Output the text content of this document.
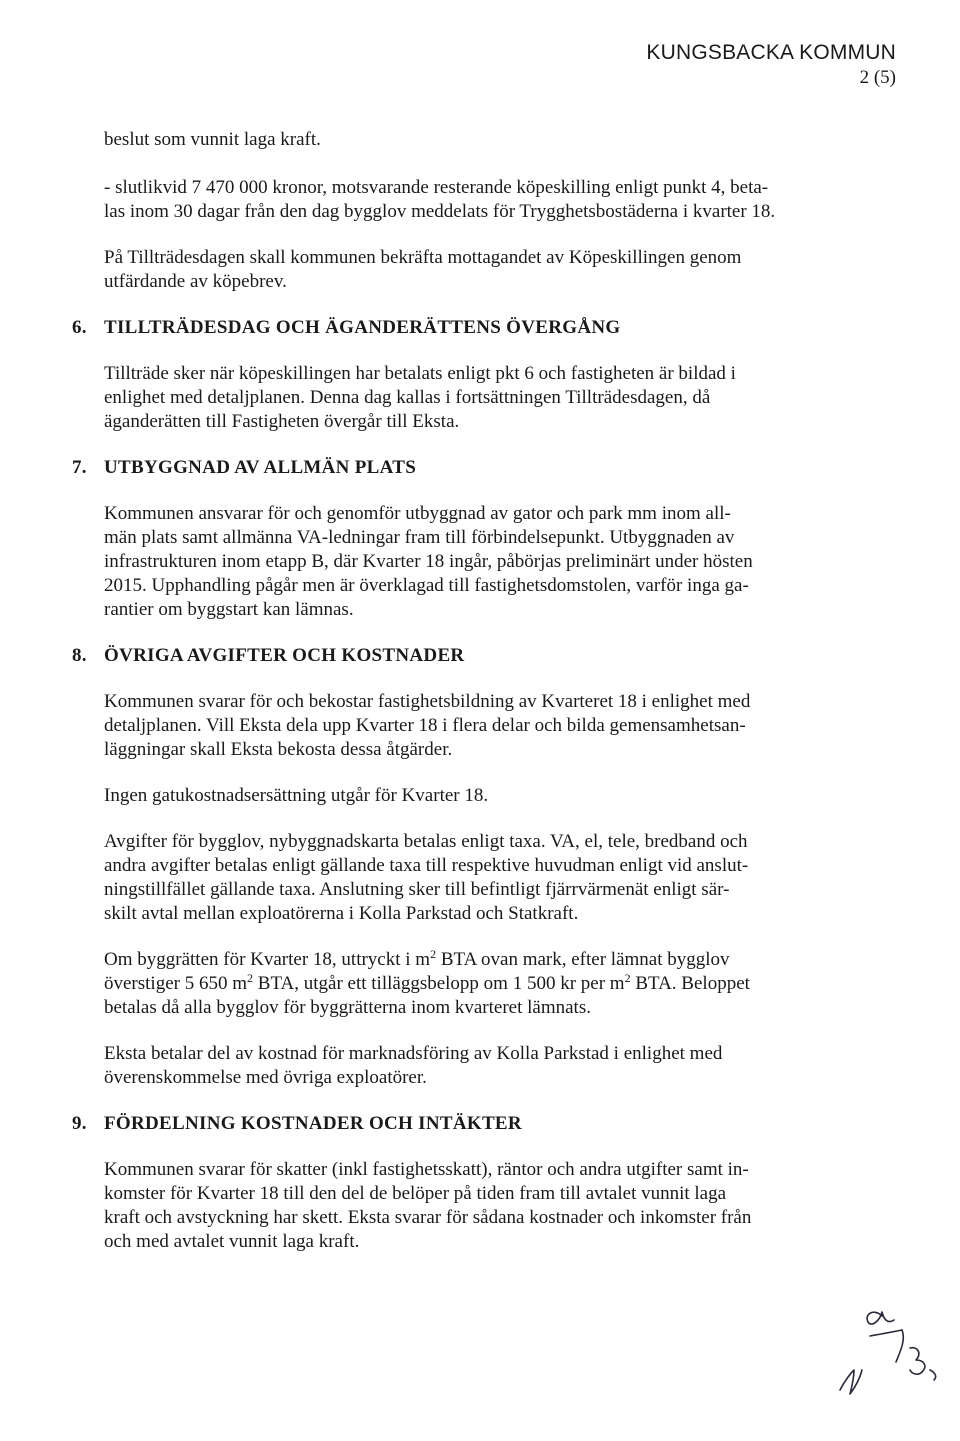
KUNGSBACKA KOMMUN
2 (5)

beslut som vunnit laga kraft.

- slutlikvid 7 470 000 kronor, motsvarande resterande köpeskilling enligt punkt 4, beta-

las inom 30 dagar från den dag bygglov meddelats för Trygghetsbostäderna i kvarter 18.

På Tillträdesdagen skall kommunen bekräfta mottagandet av Köpeskillingen genom

utfärdande av köpebrev.

6. TILLTRÄDESDAG OCH ÄGANDERÄTTENS ÖVERGÅNG

Tillträde sker när köpeskillingen har betalats enligt pkt 6 och fastigheten är bildad i

enlighet med detaljplanen. Denna dag kallas i fortsättningen Tillträdesdagen, då

äganderätten till Fastigheten övergår till Eksta.

7. UTBYGGNAD AV ALLMÄN PLATS

Kommunen ansvarar för och genomför utbyggnad av gator och park mm inom all-

män plats samt allmänna VA-ledningar fram till förbindelsepunkt. Utbyggnaden av

infrastrukturen inom etapp B, där Kvarter 18 ingår, påbörjas preliminärt under hösten

2015. Upphandling pågår men är överklagad till fastighetsdomstolen, varför inga ga-

rantier om byggstart kan lämnas.

8. ÖVRIGA AVGIFTER OCH KOSTNADER

Kommunen svarar för och bekostar fastighetsbildning av Kvarteret 18 i enlighet med

detaljplanen. Vill Eksta dela upp Kvarter 18 i flera delar och bilda gemensamhetsan-

läggningar skall Eksta bekosta dessa åtgärder.

Ingen gatukostnadsersättning utgår för Kvarter 18.

Avgifter för bygglov, nybyggnadskarta betalas enligt taxa. VA, el, tele, bredband och

andra avgifter betalas enligt gällande taxa till respektive huvudman enligt vid anslut-

ningstillfället gällande taxa. Anslutning sker till befintligt fjärrvärmenät enligt sär-

skilt avtal mellan exploatörerna i Kolla Parkstad och Statkraft.

Om byggrätten för Kvarter 18, uttryckt i $m^2$ BTA ovan mark, efter lämnat bygglov

överstiger 5 650 $m^2$ BTA, utgår ett tilläggsbelopp om 1 500 kr per $m^2$ BTA. Beloppet

betalas då alla bygglov för byggrätterna inom kvarteret lämnats.

Eksta betalar del av kostnad för marknadsföring av Kolla Parkstad i enlighet med

överenskommelse med övriga exploatörer.

9. FÖRDELNING KOSTNADER OCH INTÄKTER

Kommunen svarar för skatter (inkl fastighetsskatt), räntor och andra utgifter samt in-

komster för Kvarter 18 till den del de belöper på tiden fram till avtalet vunnit laga

kraft och avstyckning har skett. Eksta svarar för sådana kostnader och inkomster från

och med avtalet vunnit laga kraft.
